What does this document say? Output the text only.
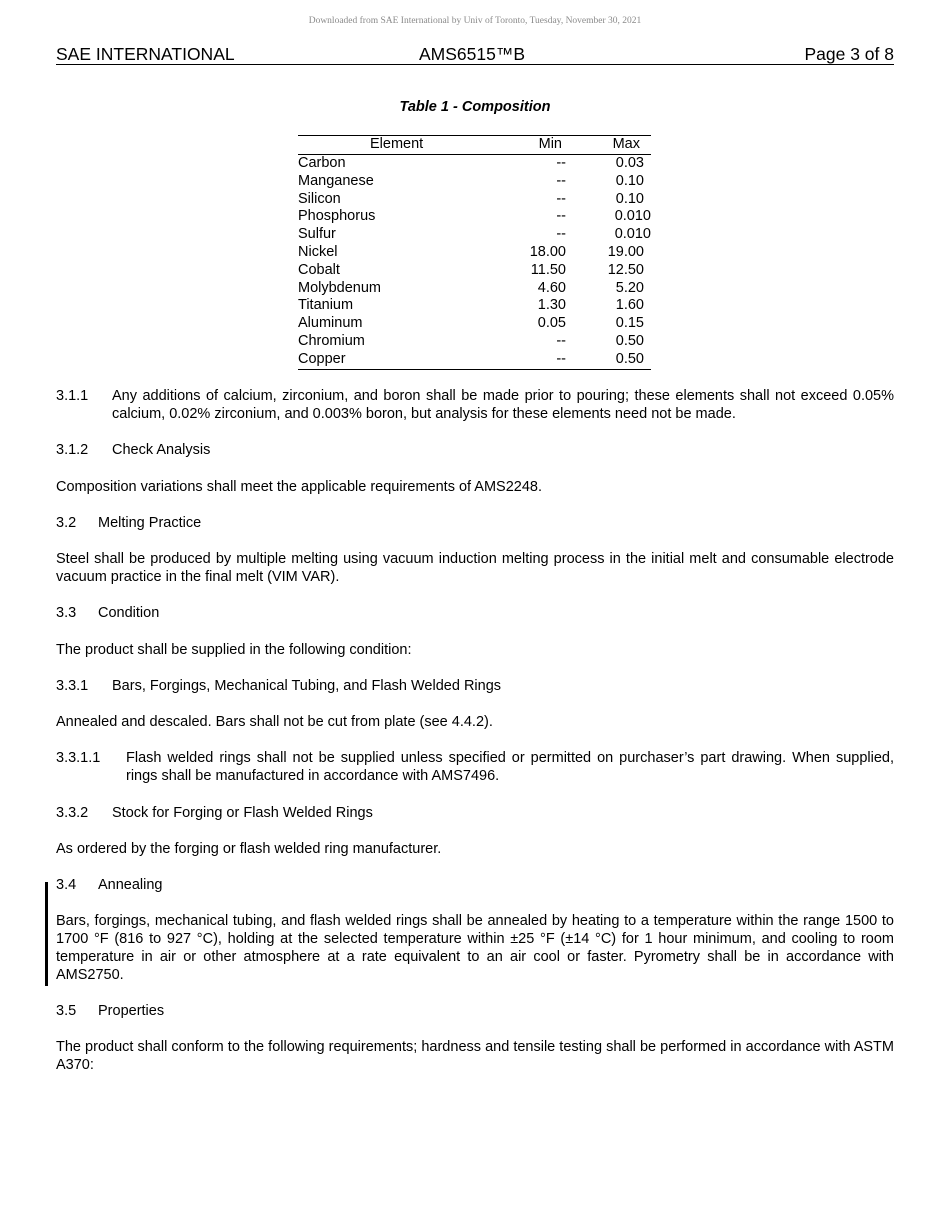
Downloaded from SAE International by Univ of Toronto, Tuesday, November 30, 2021
SAE INTERNATIONAL	AMS6515™B	Page 3 of 8
Table 1 - Composition
Element	Min	Max
Carbon	--	0.03
Manganese	--	0.10
Silicon	--	0.10
Phosphorus	--	0.010
Sulfur	--	0.010
Nickel	18.00	19.00
Cobalt	11.50	12.50
Molybdenum	4.60	5.20
Titanium	1.30	1.60
Aluminum	0.05	0.15
Chromium	--	0.50
Copper	--	0.50
3.1.1 Any additions of calcium, zirconium, and boron shall be made prior to pouring; these elements shall not exceed 0.05% calcium, 0.02% zirconium, and 0.003% boron, but analysis for these elements need not be made.
3.1.2 Check Analysis
Composition variations shall meet the applicable requirements of AMS2248.
3.2 Melting Practice
Steel shall be produced by multiple melting using vacuum induction melting process in the initial melt and consumable electrode vacuum practice in the final melt (VIM VAR).
3.3 Condition
The product shall be supplied in the following condition:
3.3.1 Bars, Forgings, Mechanical Tubing, and Flash Welded Rings
Annealed and descaled. Bars shall not be cut from plate (see 4.4.2).
3.3.1.1 Flash welded rings shall not be supplied unless specified or permitted on purchaser’s part drawing. When supplied, rings shall be manufactured in accordance with AMS7496.
3.3.2 Stock for Forging or Flash Welded Rings
As ordered by the forging or flash welded ring manufacturer.
3.4 Annealing
Bars, forgings, mechanical tubing, and flash welded rings shall be annealed by heating to a temperature within the range 1500 to 1700 °F (816 to 927 °C), holding at the selected temperature within ±25 °F (±14 °C) for 1 hour minimum, and cooling to room temperature in air or other atmosphere at a rate equivalent to an air cool or faster. Pyrometry shall be in accordance with AMS2750.
3.5 Properties
The product shall conform to the following requirements; hardness and tensile testing shall be performed in accordance with ASTM A370:
